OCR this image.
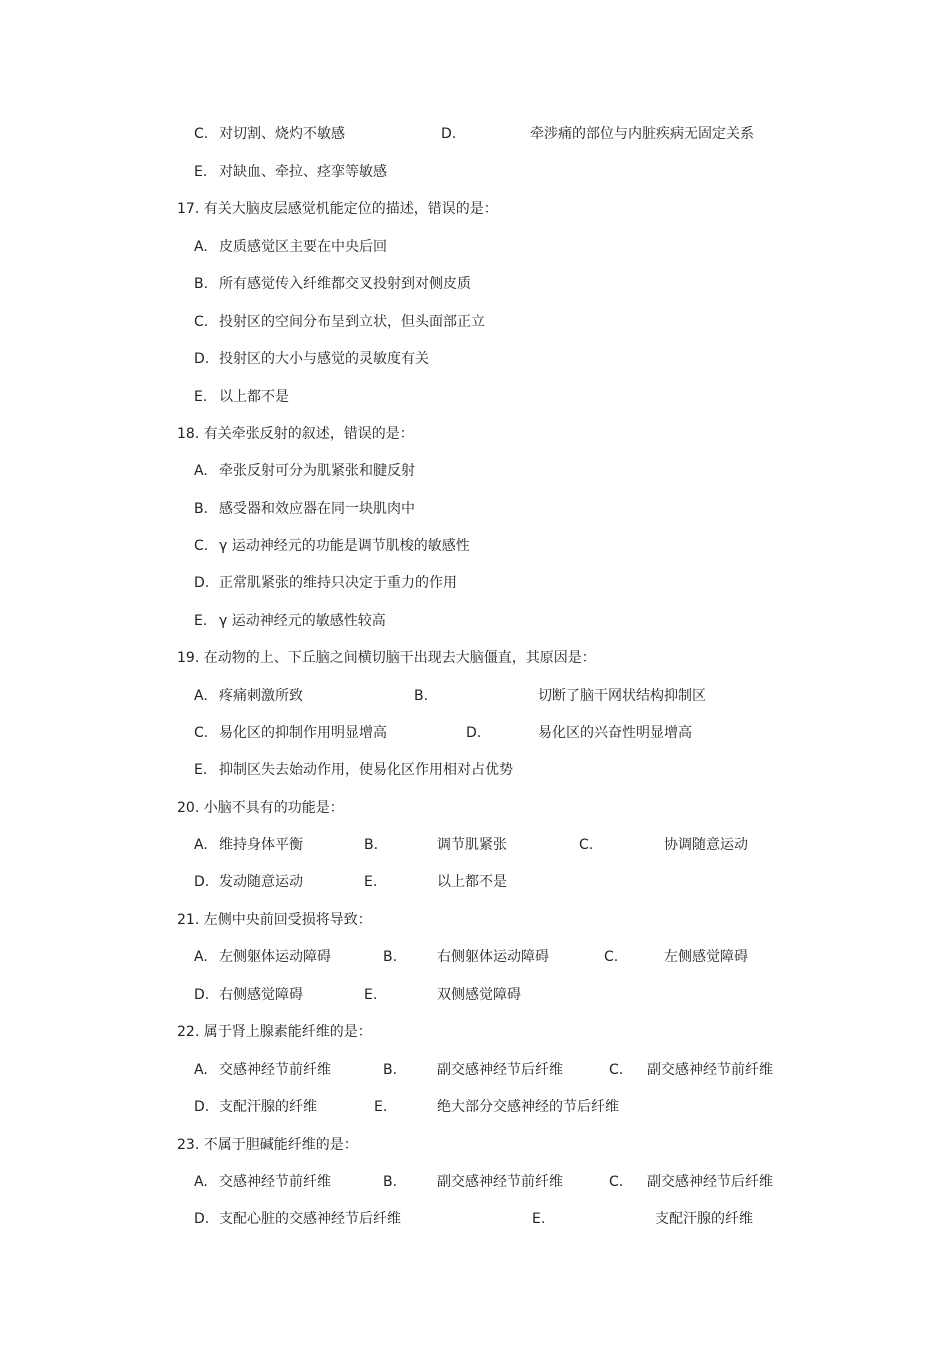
C. 对切割、烧灼不敏感	D.	牵涉痛的部位与内脏疾病无固定关系
E. 对缺血、牵拉、痉挛等敏感
17. 有关大脑皮层感觉机能定位的描述，错误的是：
A. 皮质感觉区主要在中央后回
B. 所有感觉传入纤维都交叉投射到对侧皮质
C. 投射区的空间分布呈到立状，但头面部正立
D. 投射区的大小与感觉的灵敏度有关
E. 以上都不是
18. 有关牵张反射的叙述，错误的是：
A. 牵张反射可分为肌紧张和腱反射
B. 感受器和效应器在同一块肌肉中
C. γ 运动神经元的功能是调节肌梭的敏感性
D. 正常肌紧张的维持只决定于重力的作用
E. γ 运动神经元的敏感性较高
19. 在动物的上、下丘脑之间横切脑干出现去大脑僵直，其原因是：
A. 疼痛刺激所致	B.	切断了脑干网状结构抑制区
C. 易化区的抑制作用明显增高	D.	易化区的兴奋性明显增高
E. 抑制区失去始动作用，使易化区作用相对占优势
20. 小脑不具有的功能是：
A. 维持身体平衡	B.	调节肌紧张	C.	协调随意运动
D. 发动随意运动	E.	以上都不是
21. 左侧中央前回受损将导致：
A. 左侧躯体运动障碍	B.	右侧躯体运动障碍	C.	左侧感觉障碍
D. 右侧感觉障碍	E.	双侧感觉障碍
22. 属于肾上腺素能纤维的是：
A. 交感神经节前纤维	B.	副交感神经节后纤维	C. 副交感神经节前纤维
D. 支配汗腺的纤维	E.	绝大部分交感神经的节后纤维
23. 不属于胆碱能纤维的是：
A. 交感神经节前纤维	B.	副交感神经节前纤维	C. 副交感神经节后纤维
D. 支配心脏的交感神经节后纤维	E.	支配汗腺的纤维
